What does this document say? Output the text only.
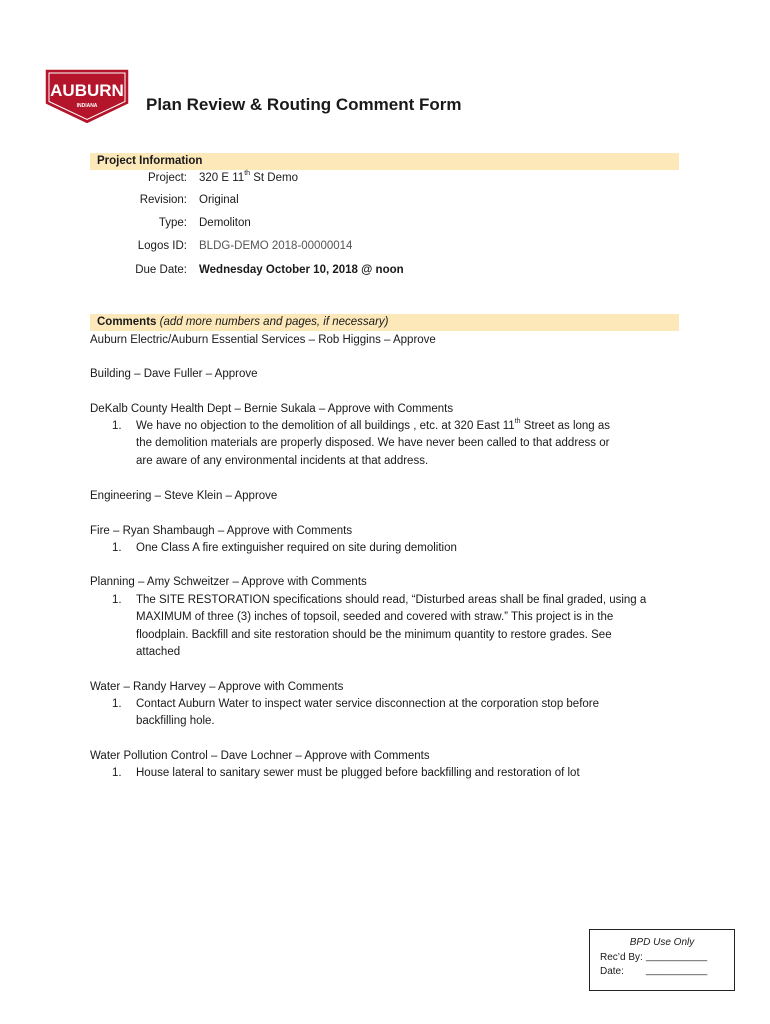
AUBURN
INDIANA	Plan Review & Routing Comment Form
Project Information
Project: 320 E 11th St Demo
Revision: Original
Type: Demoliton
Logos ID: BLDG-DEMO 2018-00000014
Due Date: Wednesday October 10, 2018 @ noon
Comments (add more numbers and pages, if necessary)
Auburn Electric/Auburn Essential Services – Rob Higgins – Approve
Building – Dave Fuller – Approve
DeKalb County Health Dept – Bernie Sukala – Approve with Comments
1. We have no objection to the demolition of all buildings , etc. at 320 East 11th Street as long as
the demolition materials are properly disposed. We have never been called to that address or
are aware of any environmental incidents at that address.
Engineering – Steve Klein – Approve
Fire – Ryan Shambaugh – Approve with Comments
1. One Class A fire extinguisher required on site during demolition
Planning – Amy Schweitzer – Approve with Comments
1. The SITE RESTORATION specifications should read, “Disturbed areas shall be final graded, using a
MAXIMUM of three (3) inches of topsoil, seeded and covered with straw.” This project is in the
floodplain. Backfill and site restoration should be the minimum quantity to restore grades. See
attached
Water – Randy Harvey – Approve with Comments
1. Contact Auburn Water to inspect water service disconnection at the corporation stop before
backfilling hole.
Water Pollution Control – Dave Lochner – Approve with Comments
1. House lateral to sanitary sewer must be plugged before backfilling and restoration of lot
BPD Use Only
Rec’d By: ___________
Date: ___________
